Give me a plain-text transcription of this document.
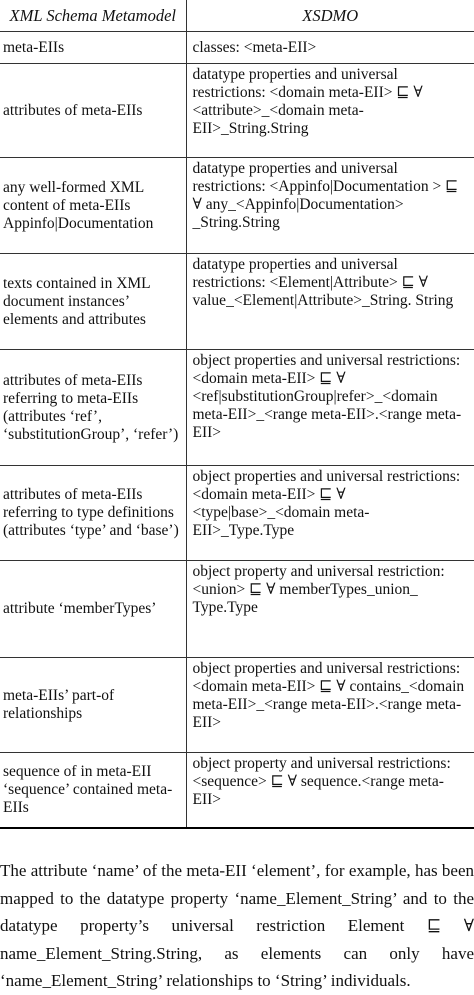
XML Schema Metamodel	XSDMO
meta-EIIs	classes: <meta-EII>
attributes of meta-EIIs	datatype properties and universal restrictions: <domain meta-EII> ⊑ ∀ <attribute>_<domain meta-EII>_String.String
any well-formed XML content of meta-EIIs Appinfo|Documentation	datatype properties and universal restrictions: <Appinfo|Documentation > ⊑ ∀ any_<Appinfo|Documentation> _String.String
texts contained in XML document instances’ elements and attributes	datatype properties and universal restrictions: <Element|Attribute> ⊑ ∀ value_<Element|Attribute>_String. String
attributes of meta-EIIs referring to meta-EIIs (attributes ‘ref’, ‘substitutionGroup’, ‘refer’)	object properties and universal restrictions: <domain meta-EII> ⊑ ∀ <ref|substitutionGroup|refer>_<domain meta-EII>_<range meta-EII>.<range meta-EII>
attributes of meta-EIIs referring to type definitions (attributes ‘type’ and ‘base’)	object properties and universal restrictions: <domain meta-EII> ⊑ ∀ <type|base>_<domain meta-EII>_Type.Type
attribute ‘memberTypes’	object property and universal restriction: <union> ⊑ ∀ memberTypes_union_ Type.Type
meta-EIIs’ part-of relationships	object properties and universal restrictions: <domain meta-EII> ⊑ ∀ contains_<domain meta-EII>_<range meta-EII>.<range meta-EII>
sequence of in meta-EII ‘sequence’ contained meta-EIIs	object property and universal restrictions: <sequence> ⊑ ∀ sequence.<range meta-EII>

The attribute ‘name’ of the meta-EII ‘element’, for example, has been mapped to the datatype property ‘name_Element_String’ and to the datatype property’s universal restriction Element ⊑ ∀ name_Element_String.String, as elements can only have ‘name_Element_String’ relationships to ‘String’ individuals.
